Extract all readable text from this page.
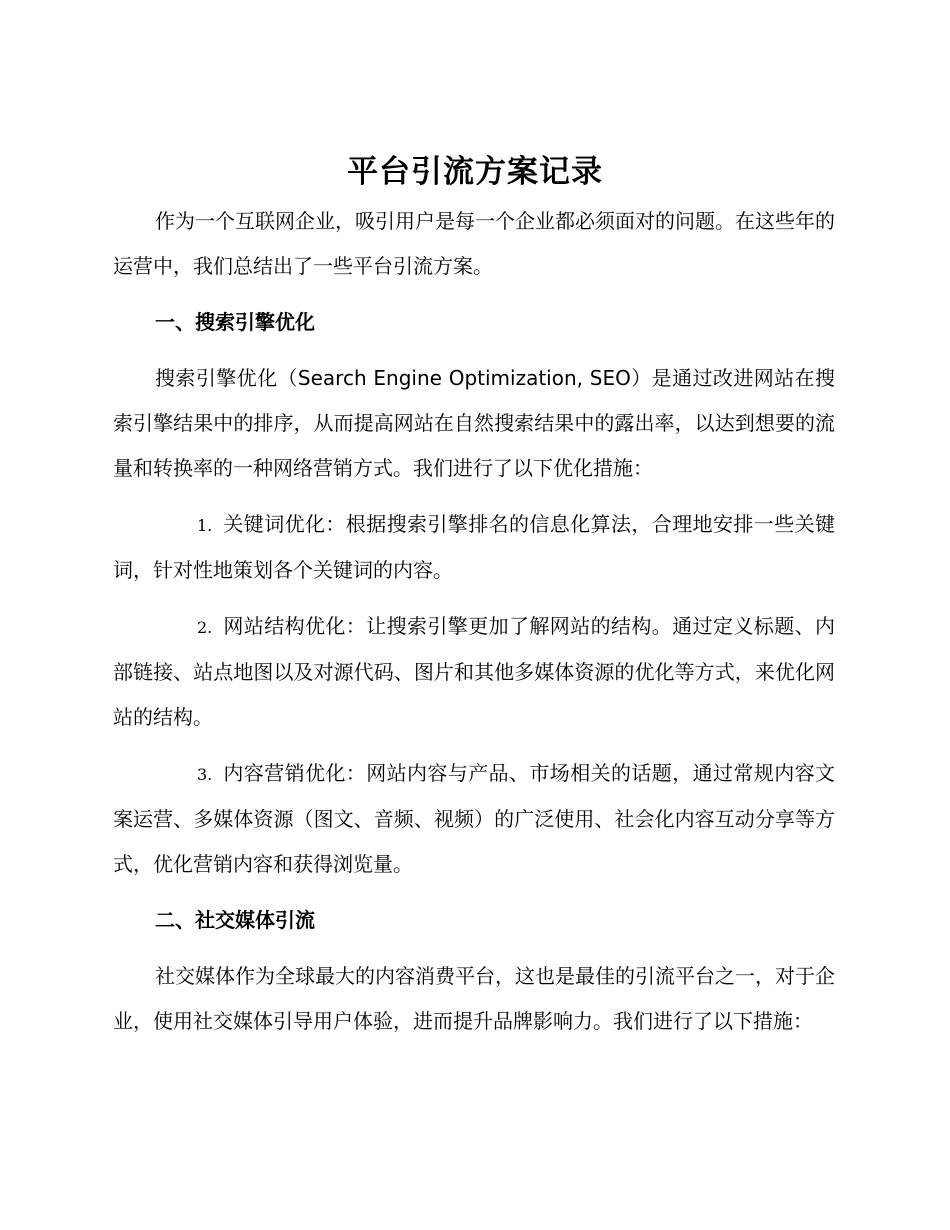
平台引流方案记录

作为一个互联网企业，吸引用户是每一个企业都必须面对的问题。在这些年的运营中，我们总结出了一些平台引流方案。

一、搜索引擎优化

搜索引擎优化（Search Engine Optimization, SEO）是通过改进网站在搜索引擎结果中的排序，从而提高网站在自然搜索结果中的露出率，以达到想要的流量和转换率的一种网络营销方式。我们进行了以下优化措施：

1. 关键词优化：根据搜索引擎排名的信息化算法，合理地安排一些关键词，针对性地策划各个关键词的内容。

2. 网站结构优化：让搜索引擎更加了解网站的结构。通过定义标题、内部链接、站点地图以及对源代码、图片和其他多媒体资源的优化等方式，来优化网站的结构。

3. 内容营销优化：网站内容与产品、市场相关的话题，通过常规内容文案运营、多媒体资源（图文、音频、视频）的广泛使用、社会化内容互动分享等方式，优化营销内容和获得浏览量。

二、社交媒体引流

社交媒体作为全球最大的内容消费平台，这也是最佳的引流平台之一，对于企业，使用社交媒体引导用户体验，进而提升品牌影响力。我们进行了以下措施：
